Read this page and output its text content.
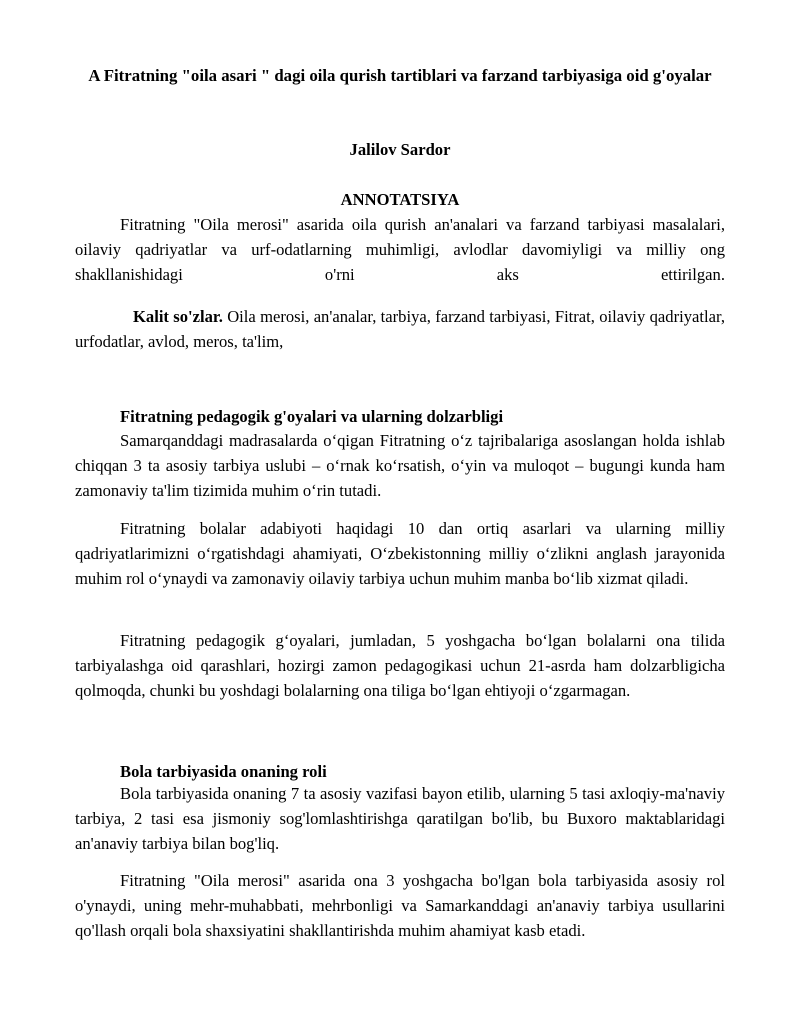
A Fitratning "oila asari " dagi oila qurish tartiblari va farzand tarbiyasiga oid g'oyalar

Jalilov Sardor

ANNOTATSIYA

Fitratning "Oila merosi" asarida oila qurish an'analari va farzand tarbiyasi masalalari, oilaviy qadriyatlar va urf-odatlarning muhimligi, avlodlar davomiyligi va milliy ong shakllanishidagi o'rni aks ettirilgan.

Kalit so'zlar. Oila merosi, an'analar, tarbiya, farzand tarbiyasi, Fitrat, oilaviy qadriyatlar, urfodatlar, avlod, meros, ta'lim,

Fitratning pedagogik g'oyalari va ularning dolzarbligi

Samarqanddagi madrasalarda o‘qigan Fitratning o‘z tajribalariga asoslangan holda ishlab chiqqan 3 ta asosiy tarbiya uslubi – o‘rnak ko‘rsatish, o‘yin va muloqot – bugungi kunda ham zamonaviy ta'lim tizimida muhim o‘rin tutadi.

Fitratning bolalar adabiyoti haqidagi 10 dan ortiq asarlari va ularning milliy qadriyatlarimizni o‘rgatishdagi ahamiyati, O‘zbekistonning milliy o‘zlikni anglash jarayonida muhim rol o‘ynaydi va zamonaviy oilaviy tarbiya uchun muhim manba bo‘lib xizmat qiladi.

Fitratning pedagogik g‘oyalari, jumladan, 5 yoshgacha bo‘lgan bolalarni ona tilida tarbiyalashga oid qarashlari, hozirgi zamon pedagogikasi uchun 21-asrda ham dolzarbligicha qolmoqda, chunki bu yoshdagi bolalarning ona tiliga bo‘lgan ehtiyoji o‘zgarmagan.

Bola tarbiyasida onaning roli

Bola tarbiyasida onaning 7 ta asosiy vazifasi bayon etilib, ularning 5 tasi axloqiy-ma'naviy tarbiya, 2 tasi esa jismoniy sog'lomlashtirishga qaratilgan bo'lib, bu Buxoro maktablaridagi an'anaviy tarbiya bilan bog'liq.

Fitratning "Oila merosi" asarida ona 3 yoshgacha bo'lgan bola tarbiyasida asosiy rol o'ynaydi, uning mehr-muhabbati, mehrbonligi va Samarkanddagi an'anaviy tarbiya usullarini qo'llash orqali bola shaxsiyatini shakllantirishda muhim ahamiyat kasb etadi.
